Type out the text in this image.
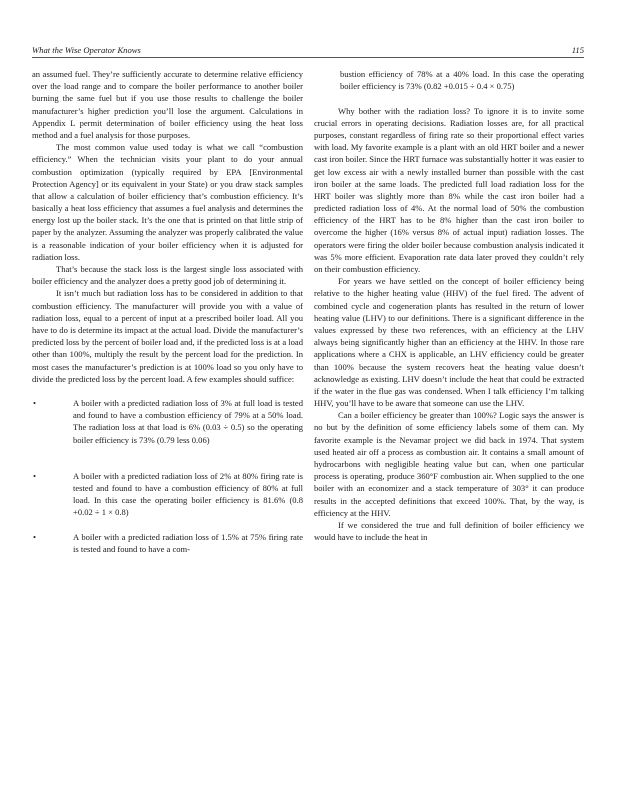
What the Wise Operator Knows	115

an assumed fuel. They’re sufficiently accurate to determine relative efficiency over the load range and to compare the boiler performance to another boiler burning the same fuel but if you use those results to challenge the boiler manufacturer’s higher prediction you’ll lose the argument. Calculations in Appendix L permit determination of boiler efficiency using the heat loss method and a fuel analysis for those purposes.

The most common value used today is what we call “combustion efficiency.” When the technician visits your plant to do your annual combustion optimization (typically required by EPA [Environmental Protection Agency] or its equivalent in your State) or you draw stack samples that allow a calculation of boiler efficiency that’s combustion efficiency. It’s basically a heat loss efficiency that assumes a fuel analysis and determines the energy lost up the boiler stack. It’s the one that is printed on that little strip of paper by the analyzer. Assuming the analyzer was properly calibrated the value is a reasonable indication of your boiler efficiency when it is adjusted for radiation loss.

That’s because the stack loss is the largest single loss associated with boiler efficiency and the analyzer does a pretty good job of determining it.

It isn’t much but radiation loss has to be considered in addition to that combustion efficiency. The manufacturer will provide you with a value of radiation loss, equal to a percent of input at a prescribed boiler load. All you have to do is determine its impact at the actual load. Divide the manufacturer’s predicted loss by the percent of boiler load and, if the predicted loss is at a load other than 100%, multiply the result by the percent load for the prediction. In most cases the manufacturer’s prediction is at 100% load so you only have to divide the predicted loss by the percent load. A few examples should suffice:

•	A boiler with a predicted radiation loss of 3% at full load is tested and found to have a combustion efficiency of 79% at a 50% load. The radiation loss at that load is 6% (0.03 ÷ 0.5) so the operating boiler efficiency is 73% (0.79 less 0.06)

•	A boiler with a predicted radiation loss of 2% at 80% firing rate is tested and found to have a combustion efficiency of 80% at full load. In this case the operating boiler efficiency is 81.6% (0.8 +0.02 ÷ 1 × 0.8)

•	A boiler with a predicted radiation loss of 1.5% at 75% firing rate is tested and found to have a com-

bustion efficiency of 78% at a 40% load. In this case the operating boiler efficiency is 73% (0.82 +0.015 ÷ 0.4 × 0.75)

Why bother with the radiation loss? To ignore it is to invite some crucial errors in operating decisions. Radiation losses are, for all practical purposes, constant regardless of firing rate so their proportional effect varies with load. My favorite example is a plant with an old HRT boiler and a newer cast iron boiler. Since the HRT furnace was substantially hotter it was easier to get low excess air with a newly installed burner than possible with the cast iron boiler at the same loads. The predicted full load radiation loss for the HRT boiler was slightly more than 8% while the cast iron boiler had a predicted radiation loss of 4%. At the normal load of 50% the combustion efficiency of the HRT has to be 8% higher than the cast iron boiler to overcome the higher (16% versus 8% of actual input) radiation losses. The operators were firing the older boiler because combustion analysis indicated it was 5% more efficient. Evaporation rate data later proved they couldn’t rely on their combustion efficiency.

For years we have settled on the concept of boiler efficiency being relative to the higher heating value (HHV) of the fuel fired. The advent of combined cycle and cogeneration plants has resulted in the return of lower heating value (LHV) to our definitions. There is a significant difference in the values expressed by these two references, with an efficiency at the LHV always being significantly higher than an efficiency at the HHV. In those rare applications where a CHX is applicable, an LHV efficiency could be greater than 100% because the system recovers heat the heating value doesn’t acknowledge as existing. LHV doesn’t include the heat that could be extracted if the water in the flue gas was condensed. When I talk efficiency I’m talking HHV, you’ll have to be aware that someone can use the LHV.

Can a boiler efficiency be greater than 100%? Logic says the answer is no but by the definition of some efficiency labels some of them can. My favorite example is the Nevamar project we did back in 1974. That system used heated air off a process as combustion air. It contains a small amount of hydrocarbons with negligible heating value but can, when one particular process is operating, produce 360°F combustion air. When supplied to the one boiler with an economizer and a stack temperature of 303° it can produce results in the accepted definitions that exceed 100%. That, by the way, is efficiency at the HHV.

If we considered the true and full definition of boiler efficiency we would have to include the heat in
